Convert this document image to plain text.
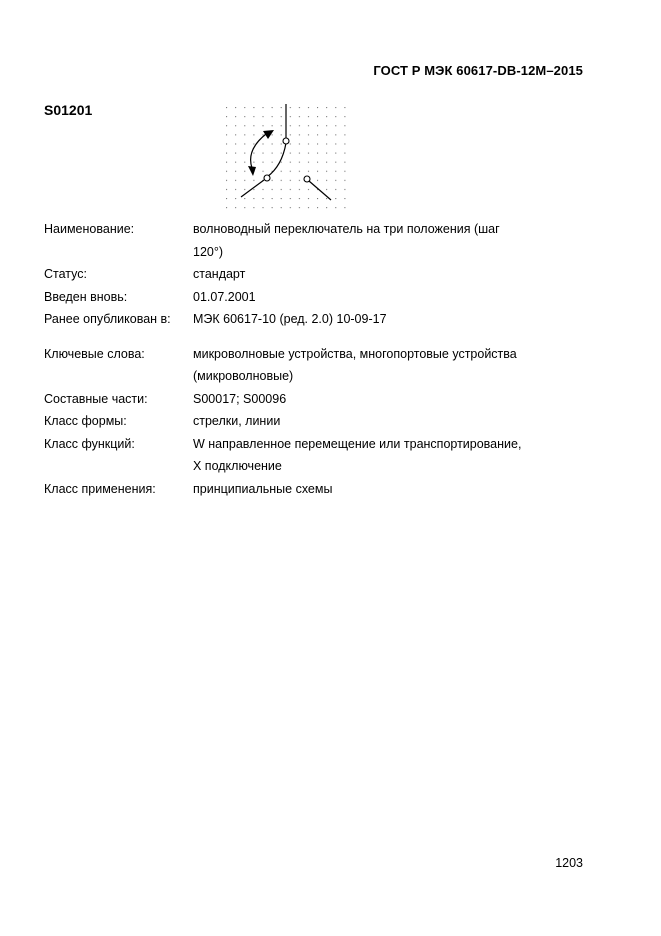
ГОСТ Р МЭК 60617-DB-12M–2015
S01201
Наименование:	волноводный переключатель на три положения (шаг
120°)
Статус:	стандарт
Введен вновь:	01.07.2001
Ранее опубликован в:	МЭК 60617-10 (ред. 2.0) 10-09-17
Ключевые слова:	микроволновые устройства, многопортовые устройства
(микроволновые)
Составные части:	S00017; S00096
Класс формы:	стрелки, линии
Класс функций:	W направленное перемещение или транспортирование,
X подключение
Класс применения:	принципиальные схемы
1203
